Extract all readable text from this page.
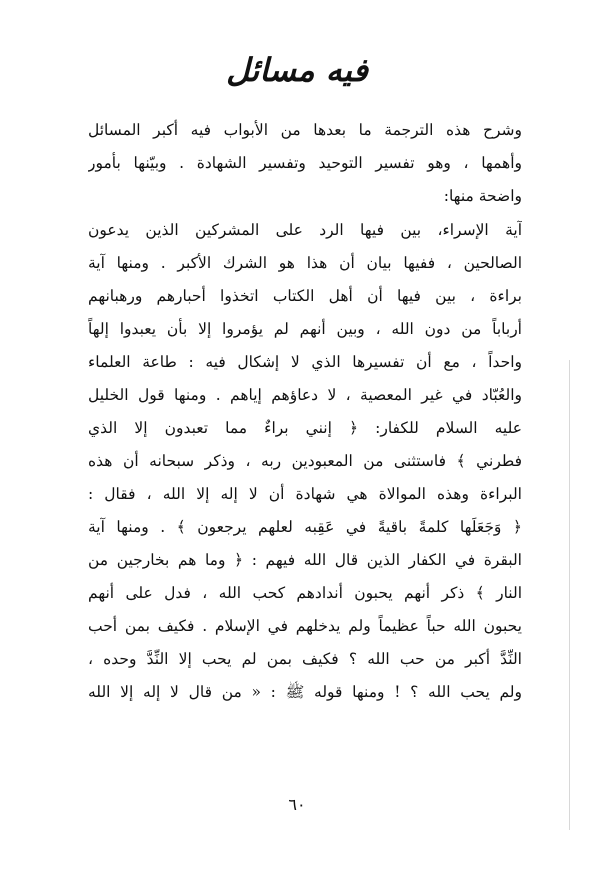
فيه مسائل
وشرح هذه الترجمة ما بعدها من الأبواب فيه أكبر المسائل
وأهمها ، وهو تفسير التوحيد وتفسير الشهادة . وبيّنها بأمور
واضحة منها:
آية الإسراء، بين فيها الرد على المشركين الذين يدعون
الصالحين ، ففيها بيان أن هذا هو الشرك الأكبر . ومنها آية
براءة ، بين فيها أن أهل الكتاب اتخذوا أحبارهم ورهبانهم
أرباباً من دون الله ، وبين أنهم لم يؤمروا إلا بأن يعبدوا إلهاً
واحداً ، مع أن تفسيرها الذي لا إشكال فيه : طاعة العلماء
والعُبّاد في غير المعصية ، لا دعاؤهم إياهم . ومنها قول الخليل
عليه السلام للكفار: ﴿ إنني براءٌ مما تعبدون إلا الذي
فطرني ﴾ فاستثنى من المعبودين ربه ، وذكر سبحانه أن هذه
البراءة وهذه الموالاة هي شهادة أن لا إله إلا الله ، فقال :
﴿ وَجَعَلَها كلمةً باقيةً في عَقِبه لعلهم يرجعون ﴾ . ومنها آية
البقرة في الكفار الذين قال الله فيهم : ﴿ وما هم بخارجين من
النار ﴾ ذكر أنهم يحبون أندادهم كحب الله ، فدل على أنهم
يحبون الله حباً عظيماً ولم يدخلهم في الإسلام . فكيف بمن أحب
النِّدَّ أكبر من حب الله ؟ فكيف بمن لم يحب إلا النِّدَّ وحده ،
ولم يحب الله ؟ ! ومنها قوله ﷺ : « من قال لا إله إلا الله
٦٠
